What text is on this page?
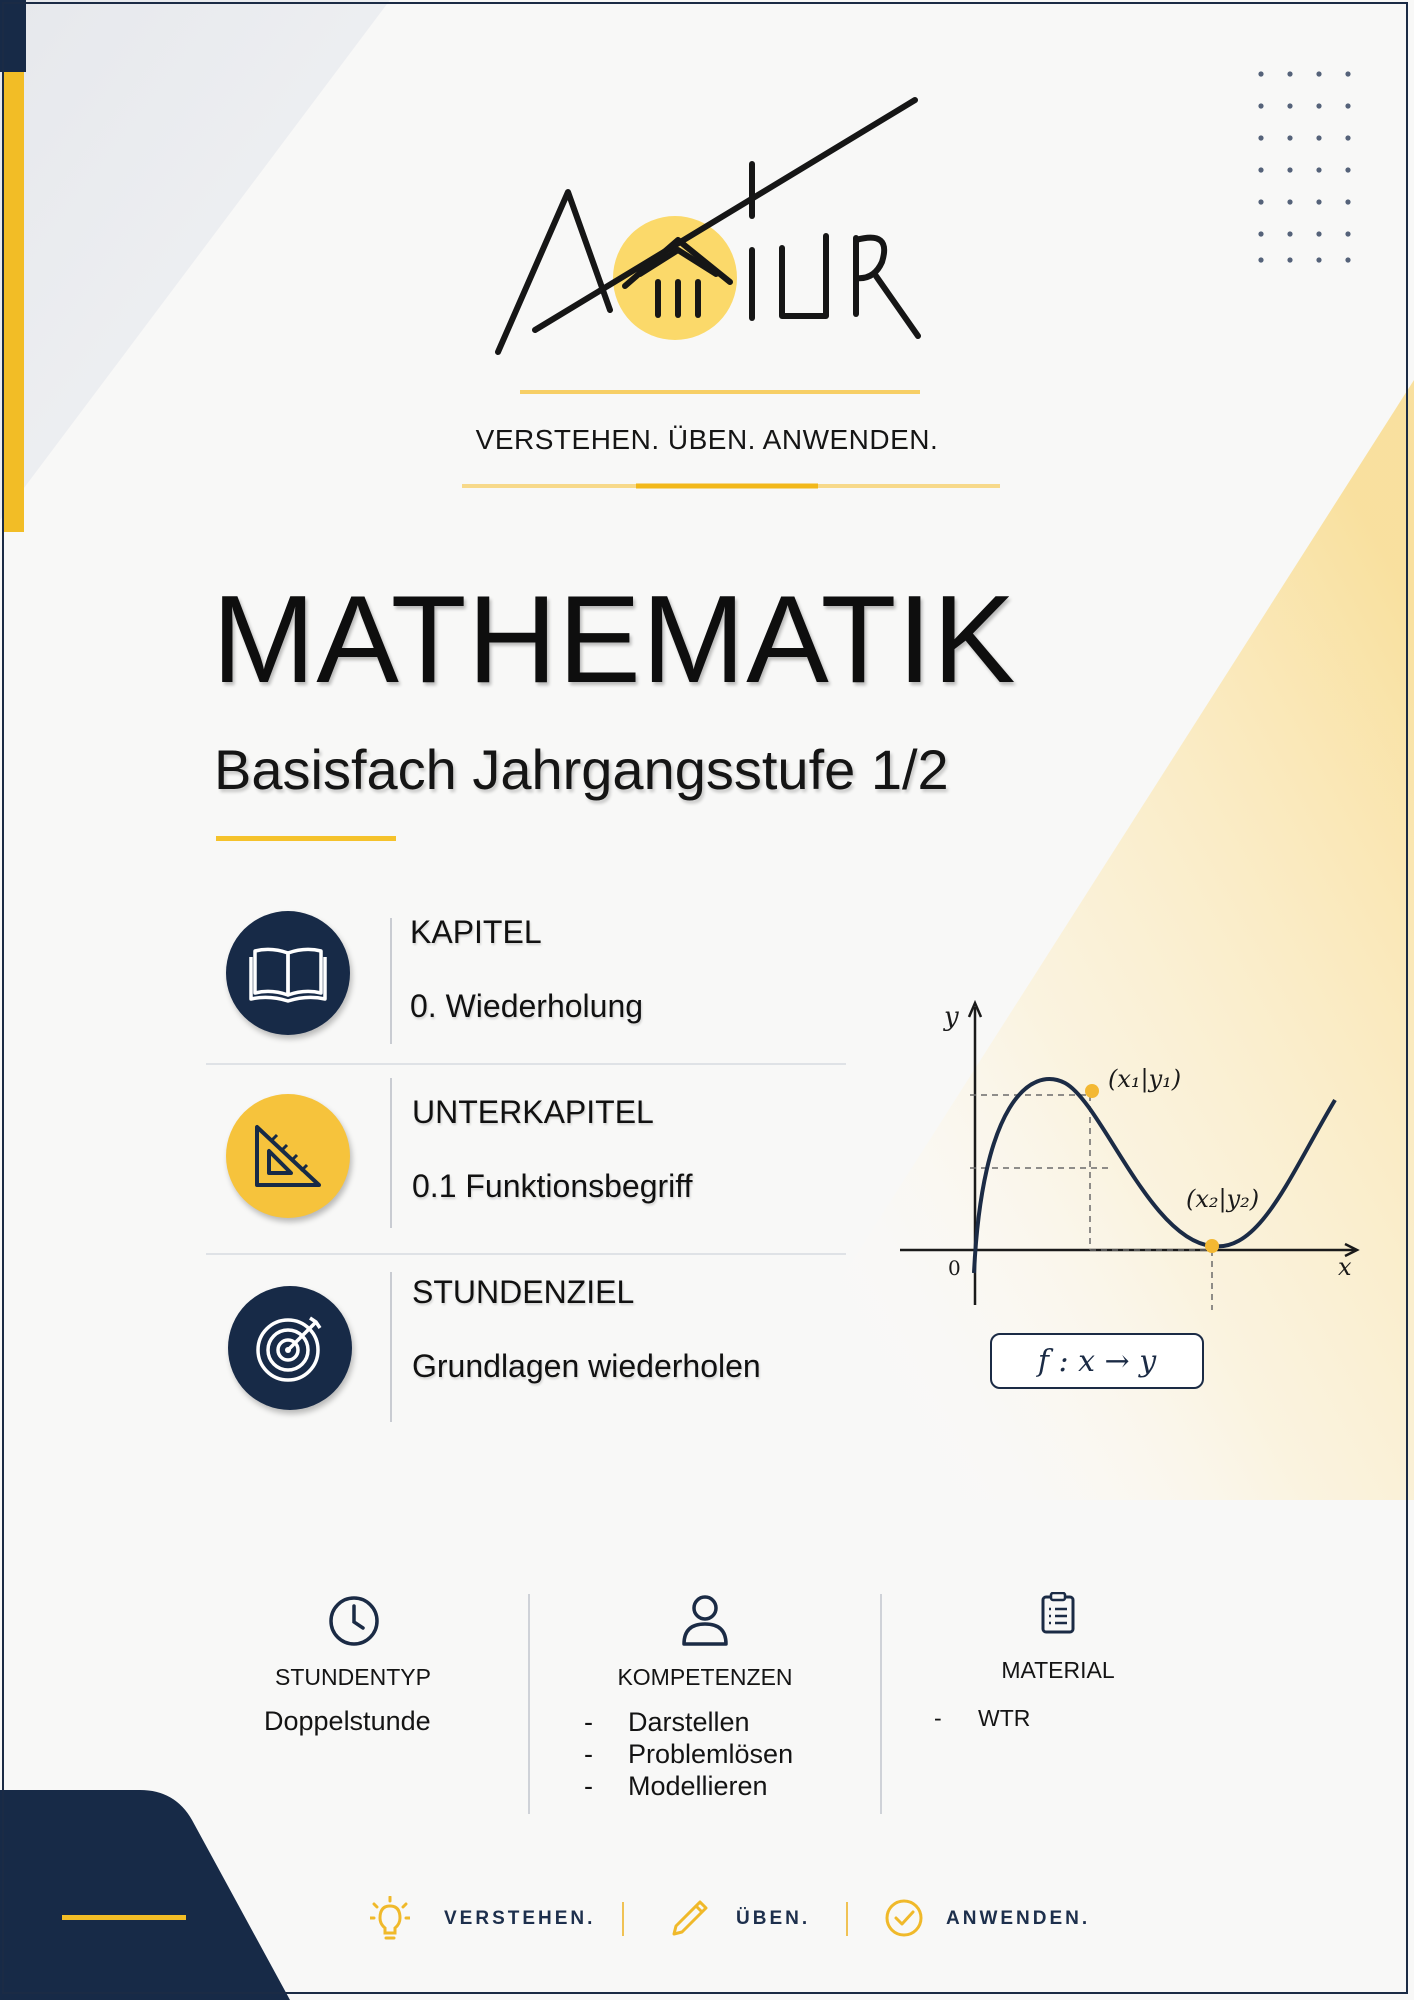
VERSTEHEN. ÜBEN. ANWENDEN.
MATHEMATIK
Basisfach Jahrgangsstufe 1/2
KAPITEL
0. Wiederholung
UNTERKAPITEL
0.1 Funktionsbegriff
STUNDENZIEL
Grundlagen wiederholen
y
x
0
(x₁|y₁)
(x₂|y₂)
f : x → y
STUNDENTYP
Doppelstunde
KOMPETENZEN
- Darstellen
- Problemlösen
- Modellieren
MATERIAL
- WTR
VERSTEHEN.	ÜBEN.	ANWENDEN.
